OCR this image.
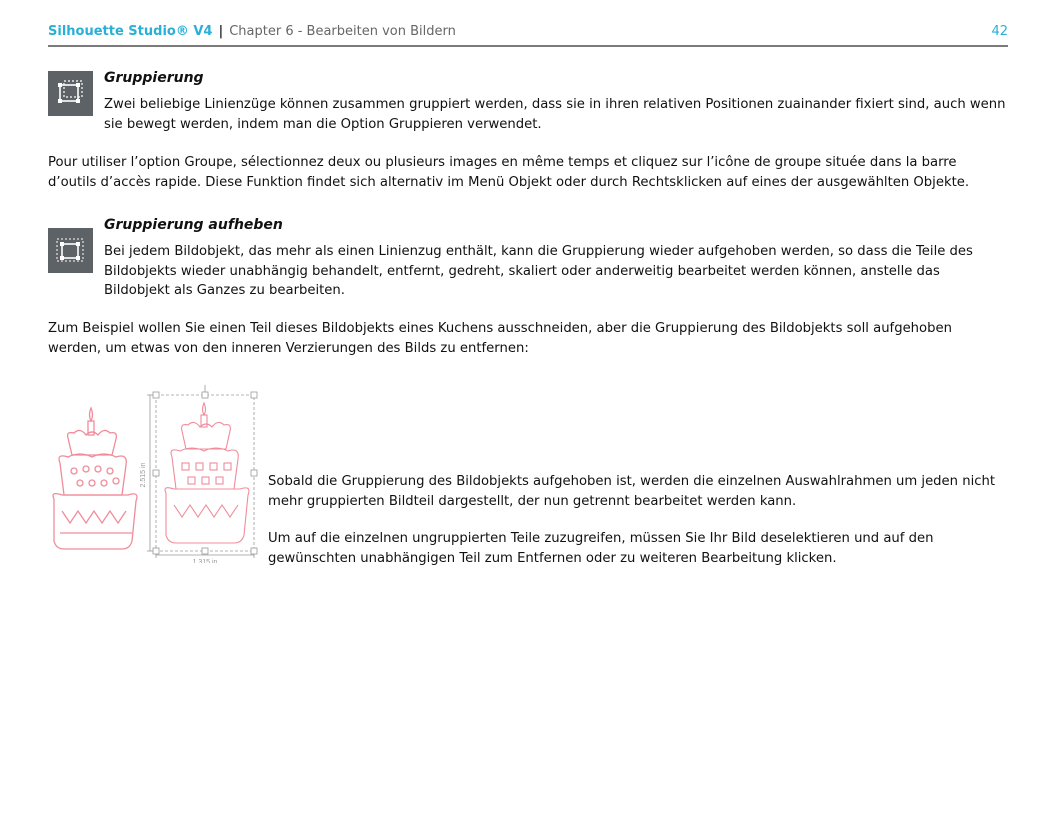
Silhouette Studio® V4 | Chapter 6 - Bearbeiten von Bildern	42
Gruppierung
Zwei beliebige Linienzüge können zusammen gruppiert werden, dass sie in ihren relativen Positionen zuainander fixiert sind, auch wenn sie bewegt werden, indem man die Option Gruppieren verwendet.
Pour utiliser l’option Groupe, sélectionnez deux ou plusieurs images en même temps et cliquez sur l’icône de groupe située dans la barre d’outils d’accès rapide. Diese Funktion findet sich alternativ im Menü Objekt oder durch Rechtsklicken auf eines der ausgewählten Objekte.
Gruppierung aufheben
Bei jedem Bildobjekt, das mehr als einen Linienzug enthält, kann die Gruppierung wieder aufgehoben werden, so dass die Teile des Bildobjekts wieder unabhängig behandelt, entfernt, gedreht, skaliert oder anderweitig bearbeitet werden können, anstelle das Bildobjekt als Ganzes zu bearbeiten.
Zum Beispiel wollen Sie einen Teil dieses Bildobjekts eines Kuchens ausschneiden, aber die Gruppierung des Bildobjekts soll aufgehoben werden, um etwas von den inneren Verzierungen des Bilds zu entfernen:
1.315 in
2.515 in	Sobald die Gruppierung des Bildobjekts aufgehoben ist, werden die einzelnen Auswahlrahmen um jeden nicht mehr gruppierten Bildteil dargestellt, der nun getrennt bearbeitet werden kann.
Um auf die einzelnen ungruppierten Teile zuzugreifen, müssen Sie Ihr Bild deselektieren und auf den gewünschten unabhängigen Teil zum Entfernen oder zu weiteren Bearbeitung klicken.
